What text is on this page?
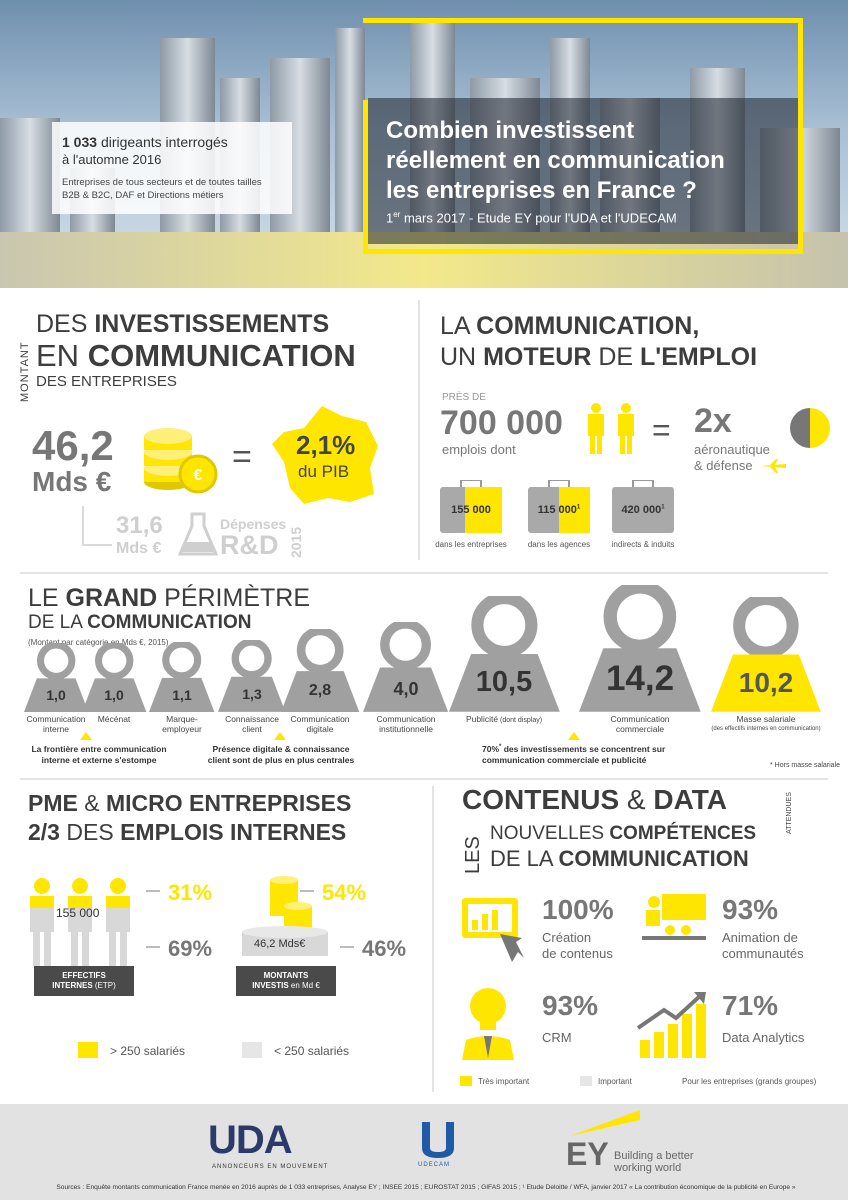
1 033 dirigeants interrogés
à l'automne 2016
Entreprises de tous secteurs et de toutes tailles
B2B & B2C, DAF et Directions métiers
Combien investissent
réellement en communication
les entreprises en France ?
1er mars 2017 - Etude EY pour l'UDA et l'UDECAM
MONTANT
DES INVESTISSEMENTS
EN COMMUNICATION
DES ENTREPRISES
46,2
Mds €	€ = 2,1%
du PIB
31,6
Mds €
Dépenses
R&D 2015
LA COMMUNICATION,
UN MOTEUR DE L'EMPLOI
PRÈS DE
700 000
emplois dont
= 2x
aéronautique
& défense
155 000
dans les entreprises
115 $000^1$
dans les agences
420 $000^1$
indirects & induits
LE GRAND PÉRIMÈTRE
DE LA COMMUNICATION
(Montant par catégorie en Mds €, 2015)
1,0
Communication interne
1,0
Mécénat
1,1
Marque-employeur
1,3
Connaissance client
2,8
Communication digitale
4,0
Communication institutionnelle
10,5
Publicité (dont display)
14,2
Communication commerciale
10,2
Masse salariale
(des effectifs internes en communication)
La frontière entre communication interne et externe s'estompe
Présence digitale & connaissance client sont de plus en plus centrales
70%* des investissements se concentrent sur communication commerciale et publicité
* Hors masse salariale
PME & MICRO ENTREPRISES
2/3 DES EMPLOIS INTERNES
155 000
31%
69%	46,2 Mds€
54%
46%
EFFECTIFS
INTERNES (ETP)
MONTANTS
INVESTIS en Md €
> 250 salariés	< 250 salariés
CONTENUS & DATA	ATTENDUES
LES
NOUVELLES COMPÉTENCES
DE LA COMMUNICATION
100%
Création
de contenus
93%
Animation de
communautés
93%
CRM
71%
Data Analytics
Très important	Important	Pour les entreprises (grands groupes)
UDA
ANNONCEURS EN MOUVEMENT	UDECAM	EY Building a better
working world
Sources : Enquête montants communication France menée en 2016 auprès de 1 033 entreprises, Analyse EY ; INSEE 2015 ; EUROSTAT 2015 ; GIFAS 2015 ; ¹ Etude Deloitte / WFA, janvier 2017 « La contribution économique de la publicité en Europe »
